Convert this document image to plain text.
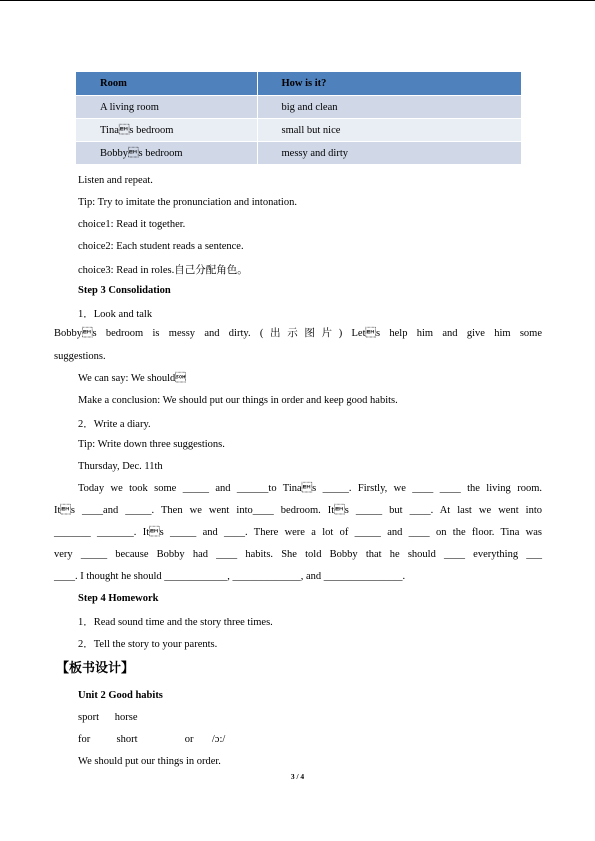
Room	How is it?
A living room	big and clean
Tinas bedroom	small but nice
Bobbys bedroom	messy and dirty
Listen and repeat.
Tip: Try to imitate the pronunciation and intonation.
choice1: Read it together.
choice2: Each student reads a sentence.
choice3: Read in roles.自己分配角色。
Step 3 Consolidation
1．Look and talk
Bobbys bedroom is messy and dirty. (出示图片) Lets help him and give him some
suggestions.
We can say: We should
Make a conclusion: We should put our things in order and keep good habits.
2．Write a diary.
Tip: Write down three suggestions.
Thursday, Dec. 11th
Today we took some _____ and ______to Tinas _____. Firstly, we ____ ____ the living room.
Its ____and _____. Then we went into____ bedroom. Its _____ but ____. At last we went into
_______ _______. Its _____ and ____. There were a lot of _____ and ____ on the floor. Tina was
very _____ because Bobby had ____ habits. She told Bobby that he should ____ everything ___
____. I thought he should ____________, _____________, and _______________.
Step 4 Homework
1．Read sound time and the story three times.
2．Tell the story to your parents.
【板书设计】
Unit 2 Good habits
sport      horse
for          short                  or       /ɔ:/
We should put our things in order.
3 / 4
